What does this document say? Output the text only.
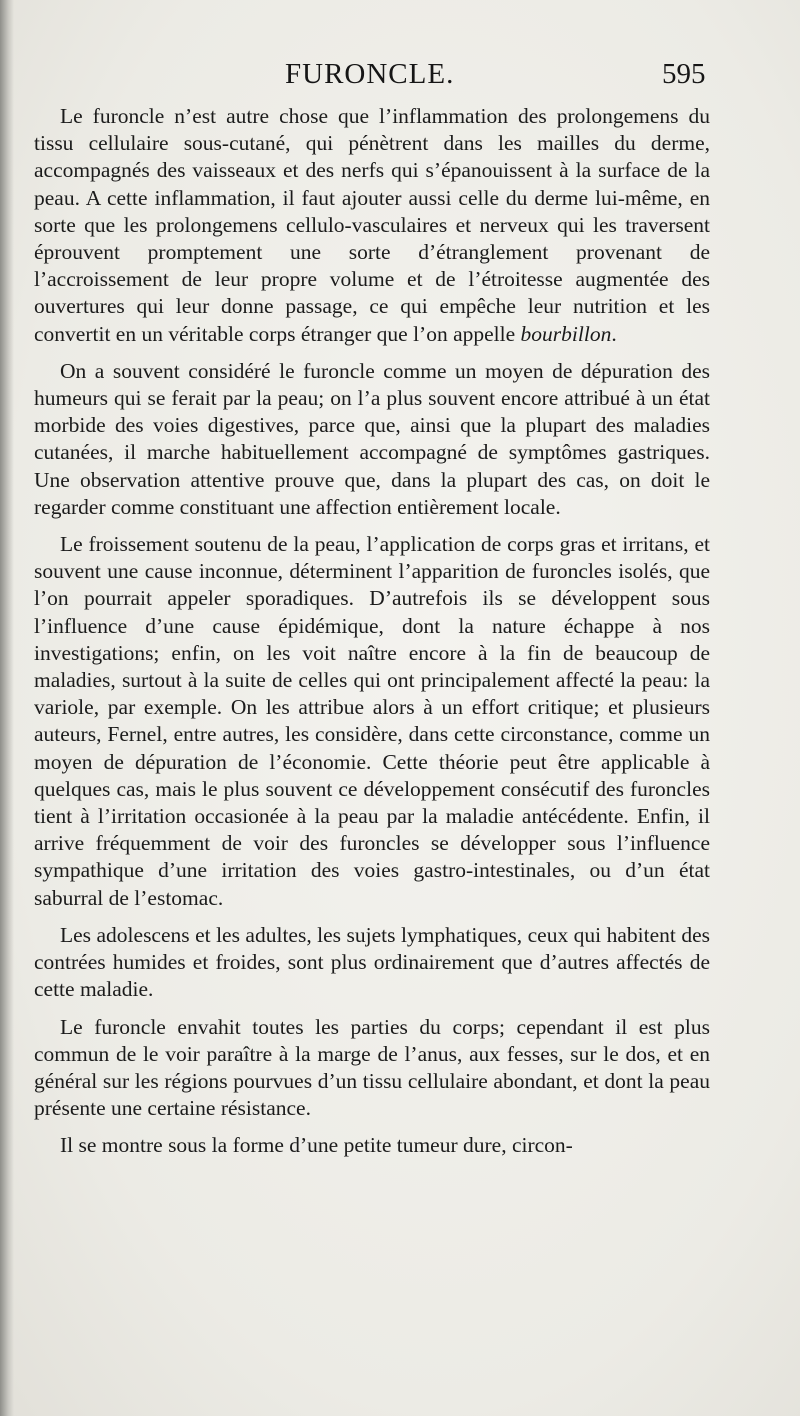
FURONCLE.	595

Le furoncle n’est autre chose que l’inflammation des prolongemens du tissu cellulaire sous-cutané, qui pénètrent dans les mailles du derme, accompagnés des vaisseaux et des nerfs qui s’épanouissent à la surface de la peau. A cette inflammation, il faut ajouter aussi celle du derme lui-même, en sorte que les prolongemens cellulo-vasculaires et nerveux qui les traversent éprouvent promptement une sorte d’étranglement provenant de l’accroissement de leur propre volume et de l’étroitesse augmentée des ouvertures qui leur donne passage, ce qui empêche leur nutrition et les convertit en un véritable corps étranger que l’on appelle bourbillon.

On a souvent considéré le furoncle comme un moyen de dépuration des humeurs qui se ferait par la peau; on l’a plus souvent encore attribué à un état morbide des voies digestives, parce que, ainsi que la plupart des maladies cutanées, il marche habituellement accompagné de symptômes gastriques. Une observation attentive prouve que, dans la plupart des cas, on doit le regarder comme constituant une affection entièrement locale.

Le froissement soutenu de la peau, l’application de corps gras et irritans, et souvent une cause inconnue, déterminent l’apparition de furoncles isolés, que l’on pourrait appeler sporadiques. D’autrefois ils se développent sous l’influence d’une cause épidémique, dont la nature échappe à nos investigations; enfin, on les voit naître encore à la fin de beaucoup de maladies, surtout à la suite de celles qui ont principalement affecté la peau: la variole, par exemple. On les attribue alors à un effort critique; et plusieurs auteurs, Fernel, entre autres, les considère, dans cette circonstance, comme un moyen de dépuration de l’économie. Cette théorie peut être applicable à quelques cas, mais le plus souvent ce développement consécutif des furoncles tient à l’irritation occasionée à la peau par la maladie antécédente. Enfin, il arrive fréquemment de voir des furoncles se développer sous l’influence sympathique d’une irritation des voies gastro-intestinales, ou d’un état saburral de l’estomac.

Les adolescens et les adultes, les sujets lymphatiques, ceux qui habitent des contrées humides et froides, sont plus ordinairement que d’autres affectés de cette maladie.

Le furoncle envahit toutes les parties du corps; cependant il est plus commun de le voir paraître à la marge de l’anus, aux fesses, sur le dos, et en général sur les régions pourvues d’un tissu cellulaire abondant, et dont la peau présente une certaine résistance.

Il se montre sous la forme d’une petite tumeur dure, circon-
